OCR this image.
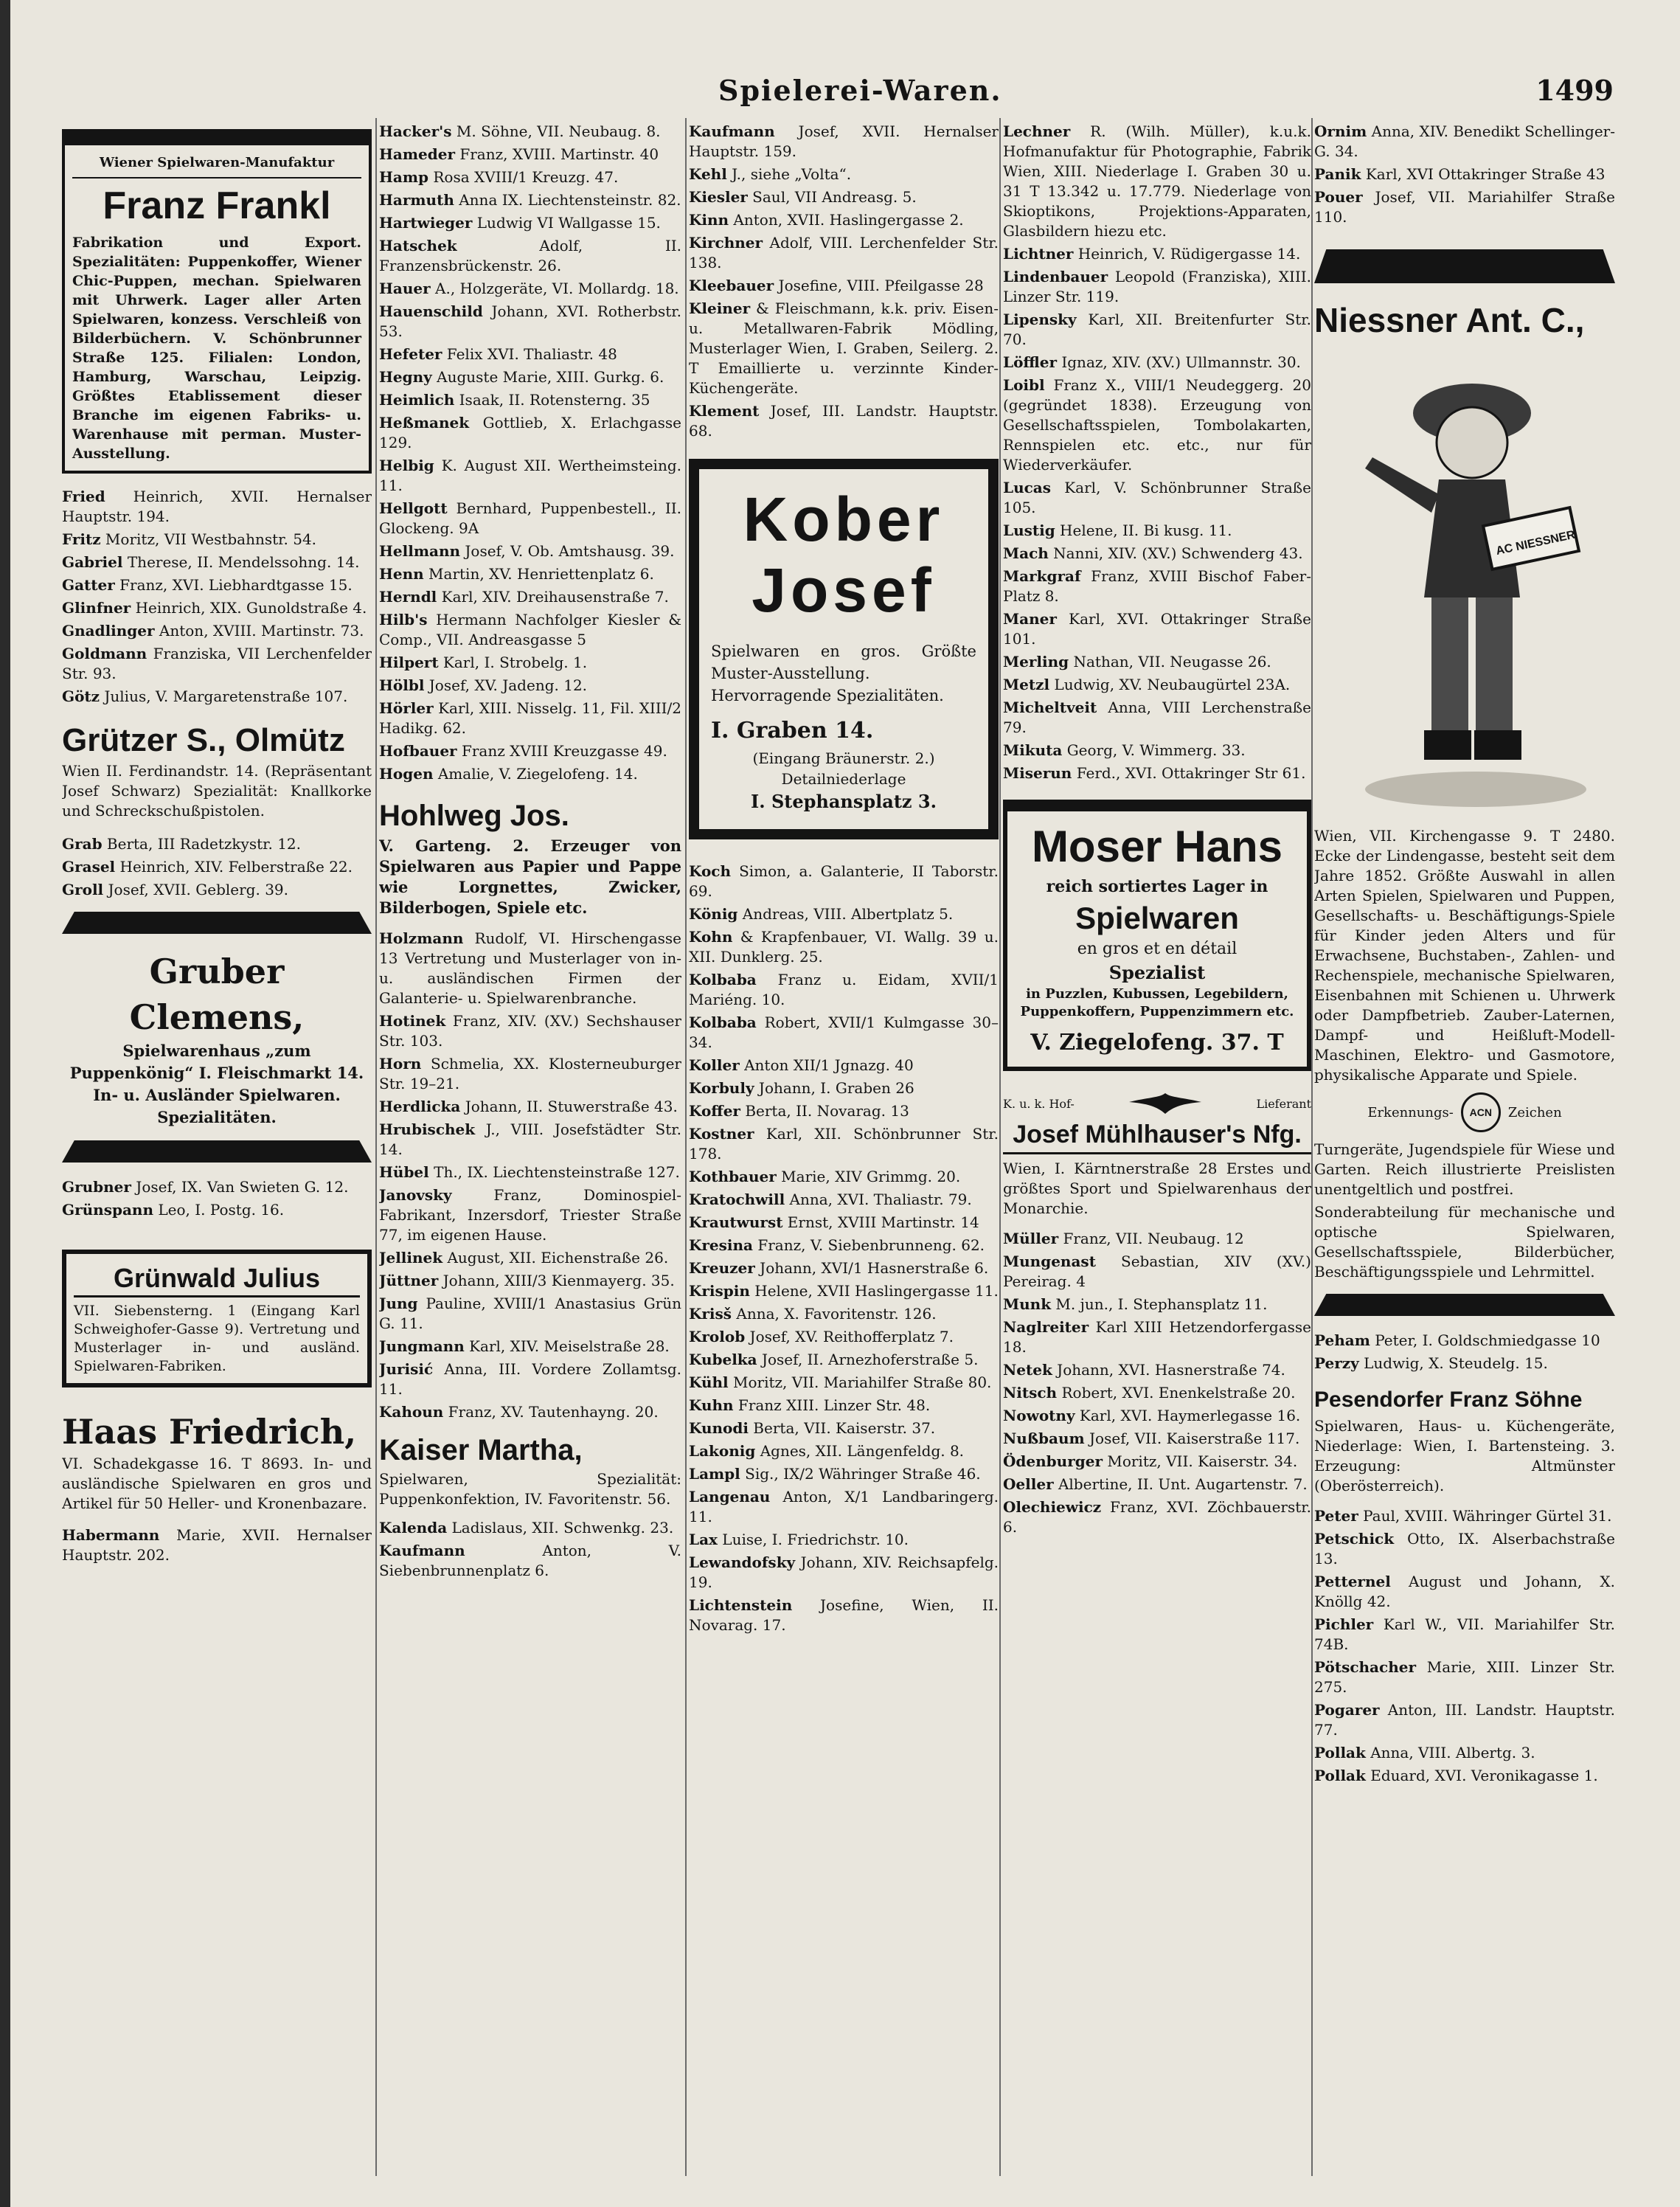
Spielerei-Waren.	1499
Wiener Spielwaren-Manufaktur
Franz Frankl
Fabrikation und Export. Spezialitäten: Puppenkoffer, Wiener Chic-Puppen, mechan. Spielwaren mit Uhrwerk. Lager aller Arten Spielwaren, konzess. Verschleiß von Bilderbüchern. V. Schönbrunner Straße 125. Filialen: London, Hamburg, Warschau, Leipzig. Größtes Etablissement dieser Branche im eigenen Fabriks- u. Warenhause mit perman. Muster-Ausstellung.
Fried Heinrich, XVII. Hernalser Hauptstr. 194.
Fritz Moritz, VII Westbahnstr. 54.
Gabriel Therese, II. Mendelssohng. 14.
Gatter Franz, XVI. Liebhardtgasse 15.
Glinfner Heinrich, XIX. Gunoldstraße 4.
Gnadlinger Anton, XVIII. Martinstr. 73.
Goldmann Franziska, VII Lerchenfelder Str. 93.
Götz Julius, V. Margaretenstraße 107.
Grützer S., Olmütz
Wien II. Ferdinandstr. 14. (Repräsentant Josef Schwarz) Spezialität: Knallkorke und Schreckschußpistolen.
Grab Berta, III Radetzkystr. 12.
Grasel Heinrich, XIV. Felberstraße 22.
Groll Josef, XVII. Geblerg. 39.
Gruber Clemens,
Spielwarenhaus „zum Puppenkönig“ I. Fleischmarkt 14. In- u. Ausländer Spielwaren. Spezialitäten.
Grubner Josef, IX. Van Swieten G. 12.
Grünspann Leo, I. Postg. 16.
Grünwald Julius
VII. Siebensterng. 1 (Eingang Karl Schweighofer-Gasse 9). Vertretung und Musterlager in- und ausländ. Spielwaren-Fabriken.
Haas Friedrich,
VI. Schadekgasse 16. T 8693. In- und ausländische Spielwaren en gros und Artikel für 50 Heller- und Kronenbazare.
Habermann Marie, XVII. Hernalser Hauptstr. 202.
Hacker's M. Söhne, VII. Neubaug. 8.
Hameder Franz, XVIII. Martinstr. 40
Hamp Rosa XVIII/1 Kreuzg. 47.
Harmuth Anna IX. Liechtensteinstr. 82.
Hartwieger Ludwig VI Wallgasse 15.
Hatschek Adolf, II. Franzensbrückenstr. 26.
Hauer A., Holzgeräte, VI. Mollardg. 18.
Hauenschild Johann, XVI. Rotherbstr. 53.
Hefeter Felix XVI. Thaliastr. 48
Hegny Auguste Marie, XIII. Gurkg. 6.
Heimlich Isaak, II. Rotensterng. 35
Heßmanek Gottlieb, X. Erlachgasse 129.
Helbig K. August XII. Wertheimsteing. 11.
Hellgott Bernhard, Puppenbestell., II. Glockeng. 9A
Hellmann Josef, V. Ob. Amtshausg. 39.
Henn Martin, XV. Henriettenplatz 6.
Herndl Karl, XIV. Dreihausenstraße 7.
Hilb's Hermann Nachfolger Kiesler & Comp., VII. Andreasgasse 5
Hilpert Karl, I. Strobelg. 1.
Hölbl Josef, XV. Jadeng. 12.
Hörler Karl, XIII. Nisselg. 11, Fil. XIII/2 Hadikg. 62.
Hofbauer Franz XVIII Kreuzgasse 49.
Hogen Amalie, V. Ziegelofeng. 14.
Hohlweg Jos.
V. Garteng. 2. Erzeuger von Spielwaren aus Papier und Pappe wie Lorgnettes, Zwicker, Bilderbogen, Spiele etc.
Holzmann Rudolf, VI. Hirschengasse 13 Vertretung und Musterlager von in- u. ausländischen Firmen der Galanterie- u. Spielwarenbranche.
Hotinek Franz, XIV. (XV.) Sechshauser Str. 103.
Horn Schmelia, XX. Klosterneuburger Str. 19–21.
Herdlicka Johann, II. Stuwerstraße 43.
Hrubischek J., VIII. Josefstädter Str. 14.
Hübel Th., IX. Liechtensteinstraße 127.
Janovsky Franz, Dominospiel-Fabrikant, Inzersdorf, Triester Straße 77, im eigenen Hause.
Jellinek August, XII. Eichenstraße 26.
Jüttner Johann, XIII/3 Kienmayerg. 35.
Jung Pauline, XVIII/1 Anastasius Grün G. 11.
Jungmann Karl, XIV. Meiselstraße 28.
Jurisić Anna, III. Vordere Zollamtsg. 11.
Kahoun Franz, XV. Tautenhayng. 20.
Kaiser Martha,
Spielwaren, Spezialität: Puppenkonfektion, IV. Favoritenstr. 56.
Kalenda Ladislaus, XII. Schwenkg. 23.
Kaufmann Anton, V. Siebenbrunnenplatz 6.
Kaufmann Josef, XVII. Hernalser Hauptstr. 159.
Kehl J., siehe „Volta“.
Kiesler Saul, VII Andreasg. 5.
Kinn Anton, XVII. Haslingergasse 2.
Kirchner Adolf, VIII. Lerchenfelder Str. 138.
Kleebauer Josefine, VIII. Pfeilgasse 28
Kleiner & Fleischmann, k.k. priv. Eisen- u. Metallwaren-Fabrik Mödling, Musterlager Wien, I. Graben, Seilerg. 2. T Emaillierte u. verzinnte Kinder-Küchengeräte.
Klement Josef, III. Landstr. Hauptstr. 68.
Kober
Josef
Spielwaren en gros. Größte Muster-Ausstellung. Hervorragende Spezialitäten.
I. Graben 14.
(Eingang Bräunerstr. 2.)
Detailniederlage
I. Stephansplatz 3.
Koch Simon, a. Galanterie, II Taborstr. 69.
König Andreas, VIII. Albertplatz 5.
Kohn & Krapfenbauer, VI. Wallg. 39 u. XII. Dunklerg. 25.
Kolbaba Franz u. Eidam, XVII/1 Mariéng. 10.
Kolbaba Robert, XVII/1 Kulmgasse 30–34.
Koller Anton XII/1 Jgnazg. 40
Korbuly Johann, I. Graben 26
Koffer Berta, II. Novarag. 13
Kostner Karl, XII. Schönbrunner Str. 178.
Kothbauer Marie, XIV Grimmg. 20.
Kratochwill Anna, XVI. Thaliastr. 79.
Krautwurst Ernst, XVIII Martinstr. 14
Kresina Franz, V. Siebenbrunneng. 62.
Kreuzer Johann, XVI/1 Hasnerstraße 6.
Krispin Helene, XVII Haslingergasse 11.
Krisš Anna, X. Favoritenstr. 126.
Krolob Josef, XV. Reithofferplatz 7.
Kubelka Josef, II. Arnezhoferstraße 5.
Kühl Moritz, VII. Mariahilfer Straße 80.
Kuhn Franz XIII. Linzer Str. 48.
Kunodi Berta, VII. Kaiserstr. 37.
Lakonig Agnes, XII. Längenfeldg. 8.
Lampl Sig., IX/2 Währinger Straße 46.
Langenau Anton, X/1 Landbaringerg. 11.
Lax Luise, I. Friedrichstr. 10.
Lewandofsky Johann, XIV. Reichsapfelg. 19.
Lichtenstein Josefine, Wien, II. Novarag. 17.
Lechner R. (Wilh. Müller), k.u.k. Hofmanufaktur für Photographie, Fabrik Wien, XIII. Niederlage I. Graben 30 u. 31 T 13.342 u. 17.779. Niederlage von Skioptikons, Projektions-Apparaten, Glasbildern hiezu etc.
Lichtner Heinrich, V. Rüdigergasse 14.
Lindenbauer Leopold (Franziska), XIII. Linzer Str. 119.
Lipensky Karl, XII. Breitenfurter Str. 70.
Löffler Ignaz, XIV. (XV.) Ullmannstr. 30.
Loibl Franz X., VIII/1 Neudeggerg. 20 (gegründet 1838). Erzeugung von Gesellschaftsspielen, Tombolakarten, Rennspielen etc. etc., nur für Wiederverkäufer.
Lucas Karl, V. Schönbrunner Straße 105.
Lustig Helene, II. Bi kusg. 11.
Mach Nanni, XIV. (XV.) Schwenderg 43.
Markgraf Franz, XVIII Bischof Faber-Platz 8.
Maner Karl, XVI. Ottakringer Straße 101.
Merling Nathan, VII. Neugasse 26.
Metzl Ludwig, XV. Neubaugürtel 23A.
Micheltveit Anna, VIII Lerchenstraße 79.
Mikuta Georg, V. Wimmerg. 33.
Miserun Ferd., XVI. Ottakringer Str 61.
Moser Hans
reich sortiertes Lager in
Spielwaren
en gros et en détail
Spezialist
in Puzzlen, Kubussen, Legebildern, Puppenkoffern, Puppenzimmern etc.
V. Ziegelofeng. 37. T
K. u. k. Hof-	Lieferant
Josef Mühlhauser's Nfg.
Wien, I. Kärntnerstraße 28 Erstes und größtes Sport und Spielwarenhaus der Monarchie.
Müller Franz, VII. Neubaug. 12
Mungenast Sebastian, XIV (XV.) Pereirag. 4
Munk M. jun., I. Stephansplatz 11.
Naglreiter Karl XIII Hetzendorfergasse 18.
Netek Johann, XVI. Hasnerstraße 74.
Nitsch Robert, XVI. Enenkelstraße 20.
Nowotny Karl, XVI. Haymerlegasse 16.
Nußbaum Josef, VII. Kaiserstraße 117.
Ödenburger Moritz, VII. Kaiserstr. 34.
Oeller Albertine, II. Unt. Augartenstr. 7.
Olechiewicz Franz, XVI. Zöchbauerstr. 6.
Ornim Anna, XIV. Benedikt Schellinger-G. 34.
Panik Karl, XVI Ottakringer Straße 43
Pouer Josef, VII. Mariahilfer Straße 110.
Niessner Ant. C.,
AC NIESSNER
Wien, VII. Kirchengasse 9. T 2480. Ecke der Lindengasse, besteht seit dem Jahre 1852. Größte Auswahl in allen Arten Spielen, Spielwaren und Puppen, Gesellschafts- u. Beschäftigungs-Spiele für Kinder jeden Alters und für Erwachsene, Buchstaben-, Zahlen- und Rechenspiele, mechanische Spielwaren, Eisenbahnen mit Schienen u. Uhrwerk oder Dampfbetrieb. Zauber-Laternen, Dampf- und Heißluft-Modell-Maschinen, Elektro- und Gasmotore, physikalische Apparate und Spiele.
Erkennungs-	ACN	Zeichen
Turngeräte, Jugendspiele für Wiese und Garten. Reich illustrierte Preislisten unentgeltlich und postfrei.
Sonderabteilung für mechanische und optische Spielwaren, Gesellschaftsspiele, Bilderbücher, Beschäftigungsspiele und Lehrmittel.
Peham Peter, I. Goldschmiedgasse 10
Perzy Ludwig, X. Steudelg. 15.
Pesendorfer Franz Söhne
Spielwaren, Haus- u. Küchengeräte, Niederlage: Wien, I. Bartensteing. 3. Erzeugung: Altmünster (Oberösterreich).
Peter Paul, XVIII. Währinger Gürtel 31.
Petschick Otto, IX. Alserbachstraße 13.
Petternel August und Johann, X. Knöllg 42.
Pichler Karl W., VII. Mariahilfer Str. 74B.
Pötschacher Marie, XIII. Linzer Str. 275.
Pogarer Anton, III. Landstr. Hauptstr. 77.
Pollak Anna, VIII. Albertg. 3.
Pollak Eduard, XVI. Veronikagasse 1.
